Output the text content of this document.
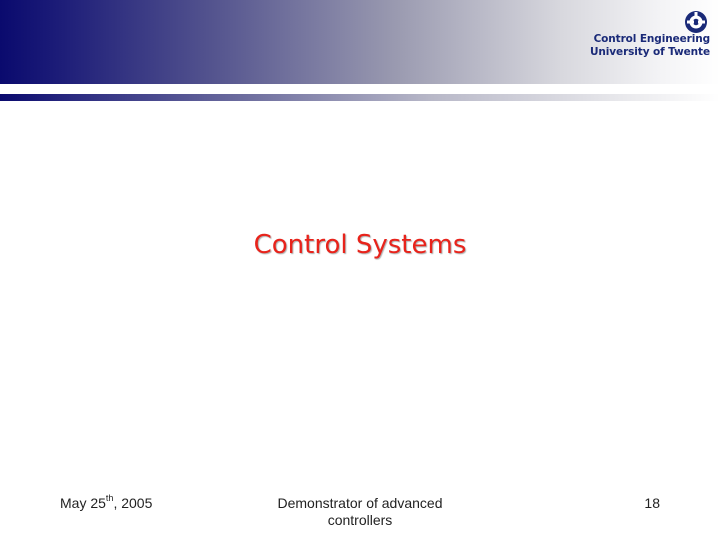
Control Engineering
University of Twente
Control Systems
May 25th, 2005	Demonstrator of advanced controllers
18
